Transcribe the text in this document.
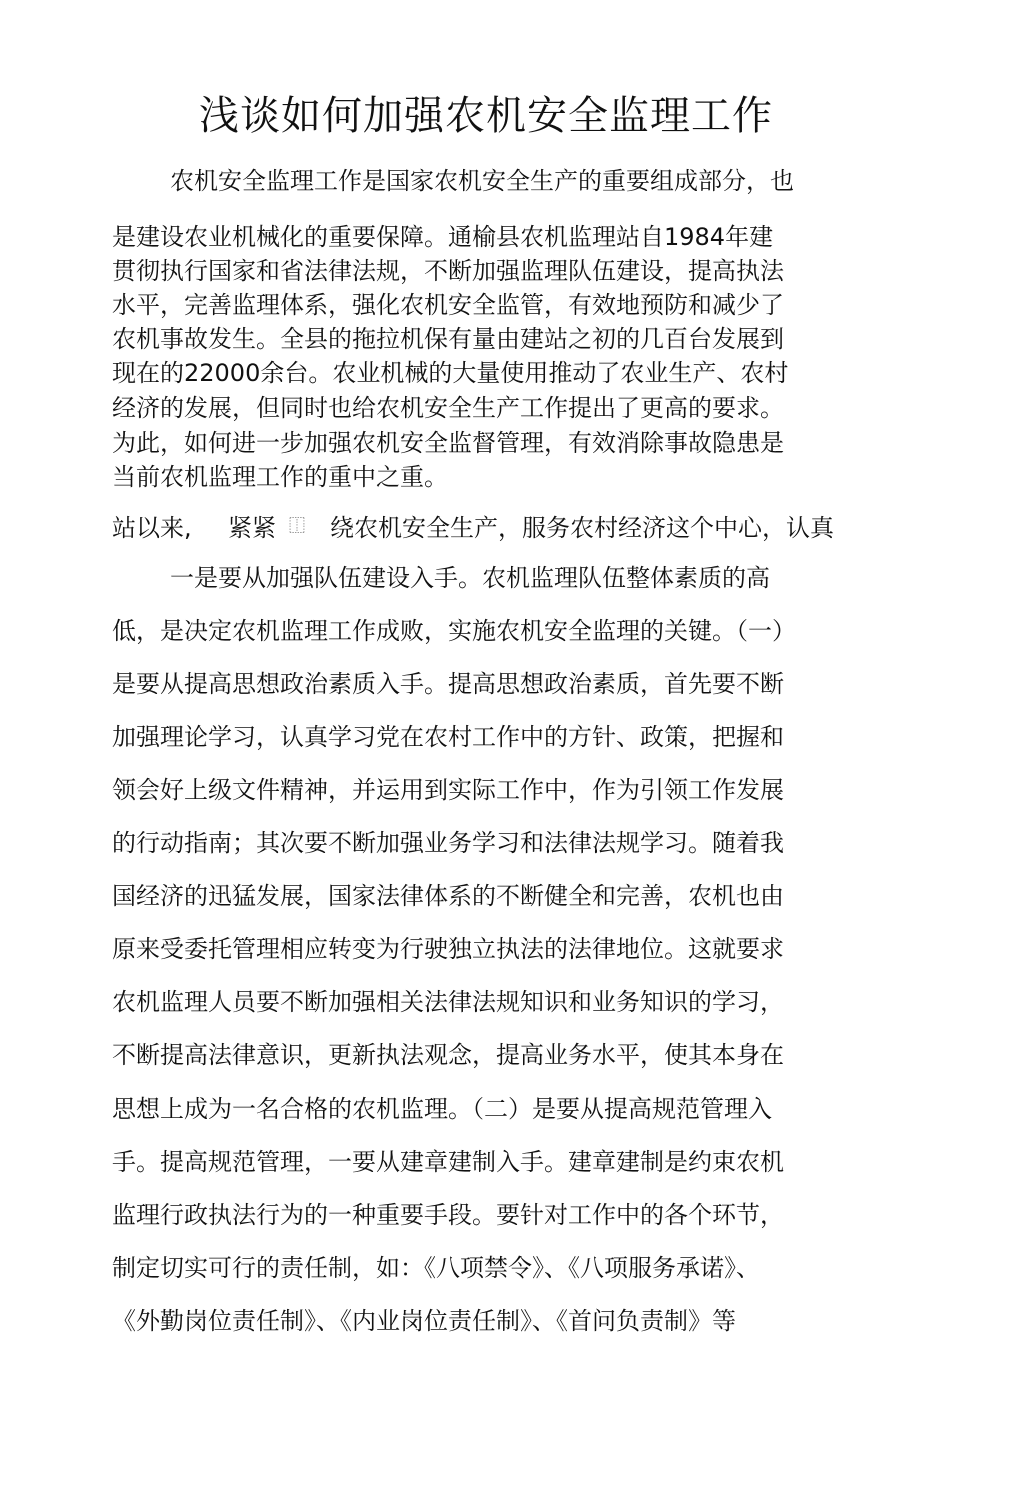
浅谈如何加强农机安全监理工作

农机安全监理工作是国家农机安全生产的重要组成部分，也

是建设农业机械化的重要保障。通榆县农机监理站自1984年建

贯彻执行国家和省法律法规，不断加强监理队伍建设，提高执法

水平，完善监理体系，强化农机安全监管，有效地预防和减少了

农机事故发生。全县的拖拉机保有量由建站之初的几百台发展到

现在的22000余台。农业机械的大量使用推动了农业生产、农村

经济的发展，但同时也给农机安全生产工作提出了更高的要求。

为此，如何进一步加强农机安全监督管理，有效消除事故隐患是

当前农机监理工作的重中之重。

站以来, 紧紧 ⿰ 绕农机安全生产，服务农村经济这个中心，认真

一是要从加强队伍建设入手。农机监理队伍整体素质的高

低，是决定农机监理工作成败，实施农机安全监理的关键。（一）

是要从提高思想政治素质入手。提高思想政治素质，首先要不断

加强理论学习，认真学习党在农村工作中的方针、政策，把握和

领会好上级文件精神，并运用到实际工作中，作为引领工作发展

的行动指南；其次要不断加强业务学习和法律法规学习。随着我

国经济的迅猛发展，国家法律体系的不断健全和完善，农机也由

原来受委托管理相应转变为行驶独立执法的法律地位。这就要求

农机监理人员要不断加强相关法律法规知识和业务知识的学习，

不断提高法律意识，更新执法观念，提高业务水平，使其本身在

思想上成为一名合格的农机监理。（二）是要从提高规范管理入

手。提高规范管理，一要从建章建制入手。建章建制是约束农机

监理行政执法行为的一种重要手段。要针对工作中的各个环节，

制定切实可行的责任制，如：《八项禁令》、《八项服务承诺》、

《外勤岗位责任制》、《内业岗位责任制》、《首问负责制》等
